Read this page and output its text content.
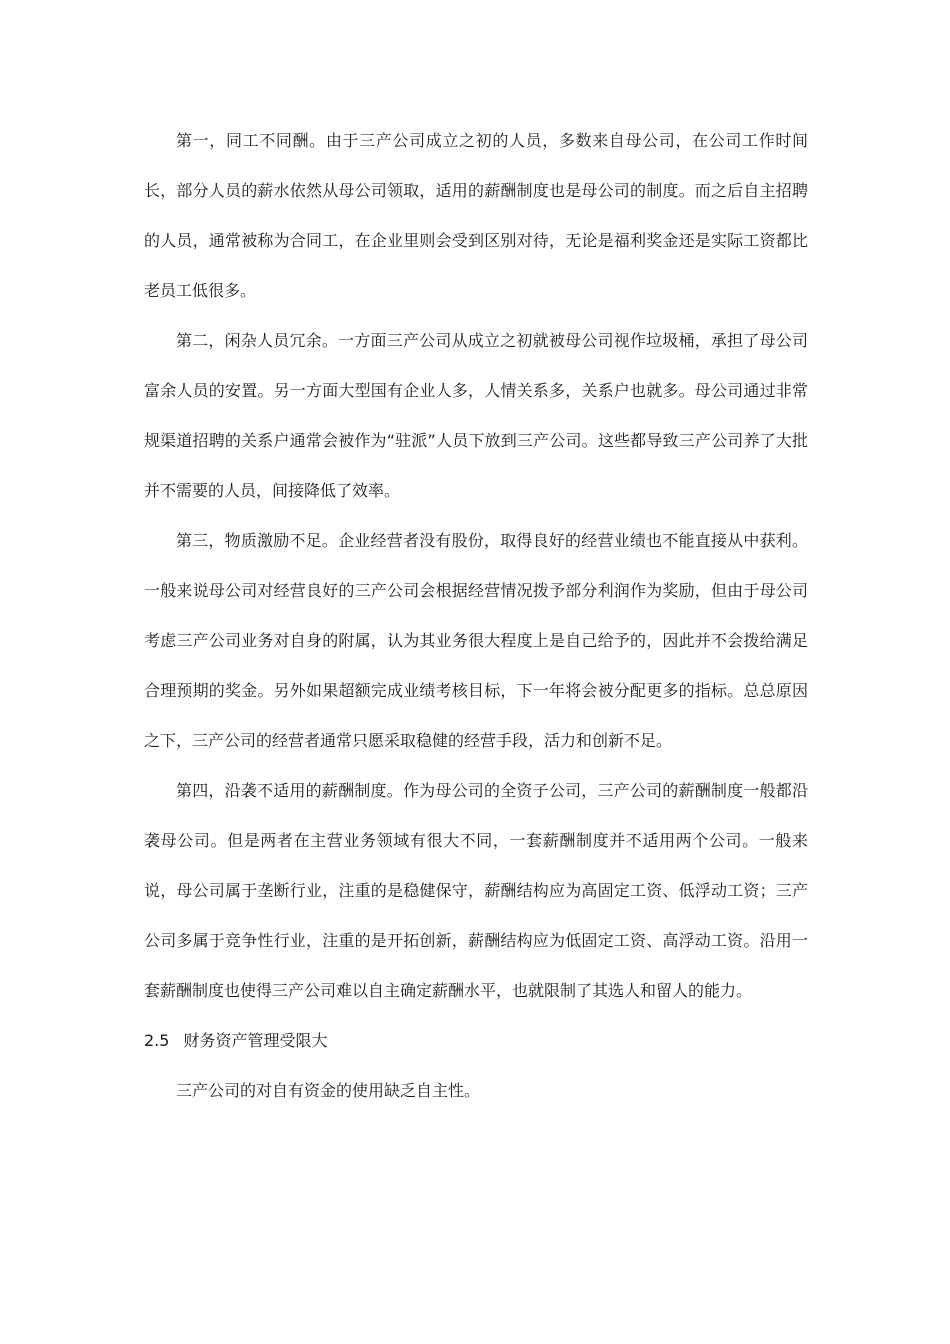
第一，同工不同酬。由于三产公司成立之初的人员，多数来自母公司，在公司工作时间长，部分人员的薪水依然从母公司领取，适用的薪酬制度也是母公司的制度。而之后自主招聘的人员，通常被称为合同工，在企业里则会受到区别对待，无论是福利奖金还是实际工资都比老员工低很多。

第二，闲杂人员冗余。一方面三产公司从成立之初就被母公司视作垃圾桶，承担了母公司富余人员的安置。另一方面大型国有企业人多，人情关系多，关系户也就多。母公司通过非常规渠道招聘的关系户通常会被作为“驻派”人员下放到三产公司。这些都导致三产公司养了大批并不需要的人员，间接降低了效率。

第三，物质激励不足。企业经营者没有股份，取得良好的经营业绩也不能直接从中获利。一般来说母公司对经营良好的三产公司会根据经营情况拨予部分利润作为奖励，但由于母公司考虑三产公司业务对自身的附属，认为其业务很大程度上是自己给予的，因此并不会拨给满足合理预期的奖金。另外如果超额完成业绩考核目标，下一年将会被分配更多的指标。总总原因之下，三产公司的经营者通常只愿采取稳健的经营手段，活力和创新不足。

第四，沿袭不适用的薪酬制度。作为母公司的全资子公司，三产公司的薪酬制度一般都沿袭母公司。但是两者在主营业务领域有很大不同，一套薪酬制度并不适用两个公司。一般来说，母公司属于垄断行业，注重的是稳健保守，薪酬结构应为高固定工资、低浮动工资；三产公司多属于竞争性行业，注重的是开拓创新，薪酬结构应为低固定工资、高浮动工资。沿用一套薪酬制度也使得三产公司难以自主确定薪酬水平，也就限制了其选人和留人的能力。

2.5 财务资产管理受限大

三产公司的对自有资金的使用缺乏自主性。
